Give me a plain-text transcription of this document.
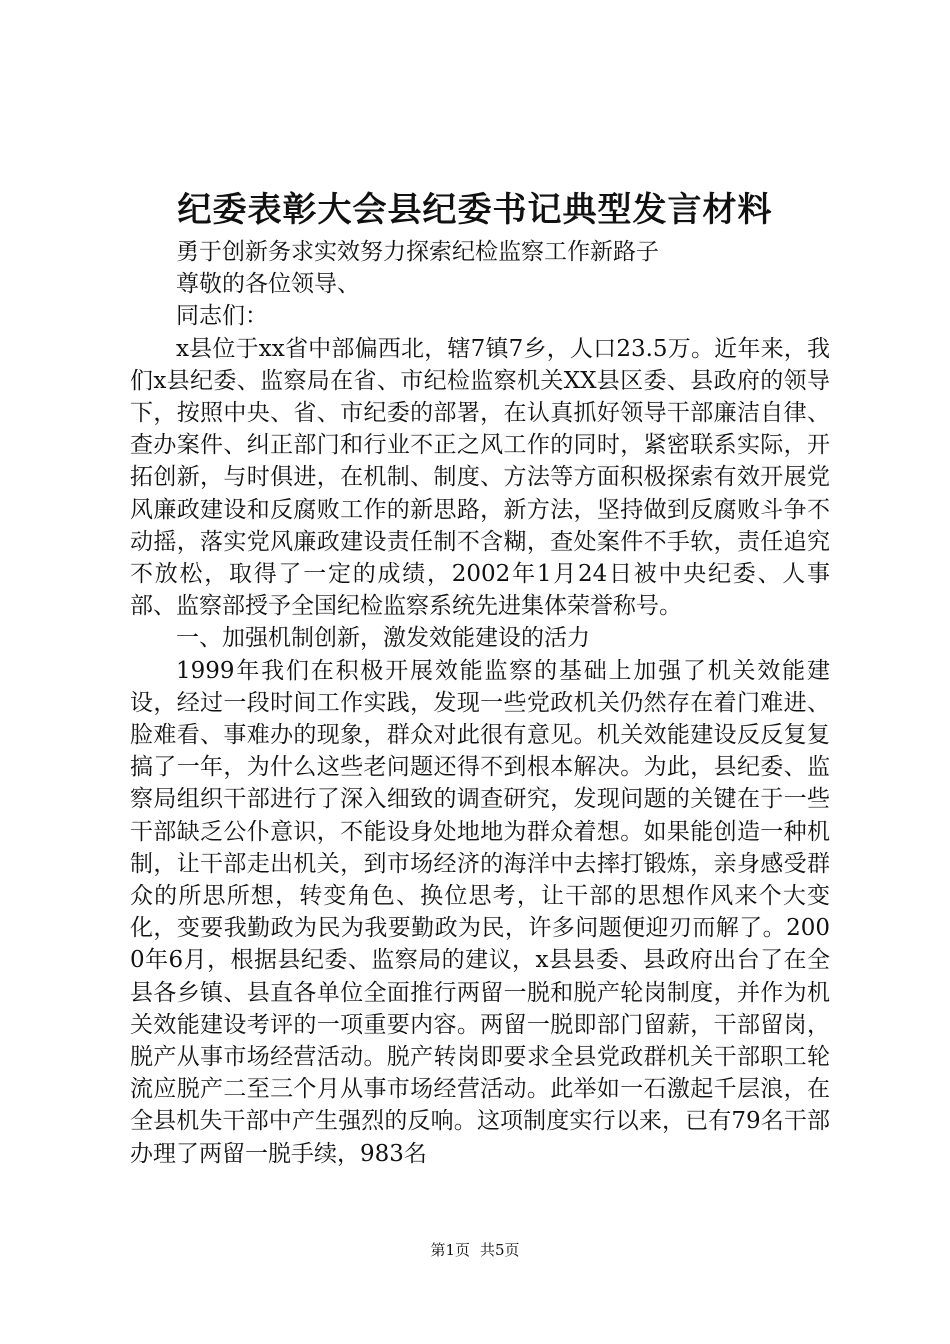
纪委表彰大会县纪委书记典型发言材料

勇于创新务求实效努力探索纪检监察工作新路子

尊敬的各位领导、

同志们：

x县位于xx省中部偏西北，辖7镇7乡，人口23.5万。近年来，我们x县纪委、监察局在省、市纪检监察机关XX县区委、县政府的领导下，按照中央、省、市纪委的部署，在认真抓好领导干部廉洁自律、查办案件、纠正部门和行业不正之风工作的同时，紧密联系实际，开拓创新，与时俱进，在机制、制度、方法等方面积极探索有效开展党风廉政建设和反腐败工作的新思路，新方法，坚持做到反腐败斗争不动摇，落实党风廉政建设责任制不含糊，查处案件不手软，责任追究不放松，取得了一定的成绩，2002年1月24日被中央纪委、人事部、监察部授予全国纪检监察系统先进集体荣誉称号。

一、加强机制创新，激发效能建设的活力

1999年我们在积极开展效能监察的基础上加强了机关效能建设，经过一段时间工作实践，发现一些党政机关仍然存在着门难进、脸难看、事难办的现象，群众对此很有意见。机关效能建设反反复复搞了一年，为什么这些老问题还得不到根本解决。为此，县纪委、监察局组织干部进行了深入细致的调查研究，发现问题的关键在于一些干部缺乏公仆意识，不能设身处地地为群众着想。如果能创造一种机制，让干部走出机关，到市场经济的海洋中去摔打锻炼，亲身感受群众的所思所想，转变角色、换位思考，让干部的思想作风来个大变化，变要我勤政为民为我要勤政为民，许多问题便迎刃而解了。2000年6月，根据县纪委、监察局的建议，x县县委、县政府出台了在全县各乡镇、县直各单位全面推行两留一脱和脱产轮岗制度，并作为机关效能建设考评的一项重要内容。两留一脱即部门留薪，干部留岗，脱产从事市场经营活动。脱产转岗即要求全县党政群机关干部职工轮流应脱产二至三个月从事市场经营活动。此举如一石激起千层浪，在全县机失干部中产生强烈的反响。这项制度实行以来，已有79名干部办理了两留一脱手续，983名

第1页 共5页
